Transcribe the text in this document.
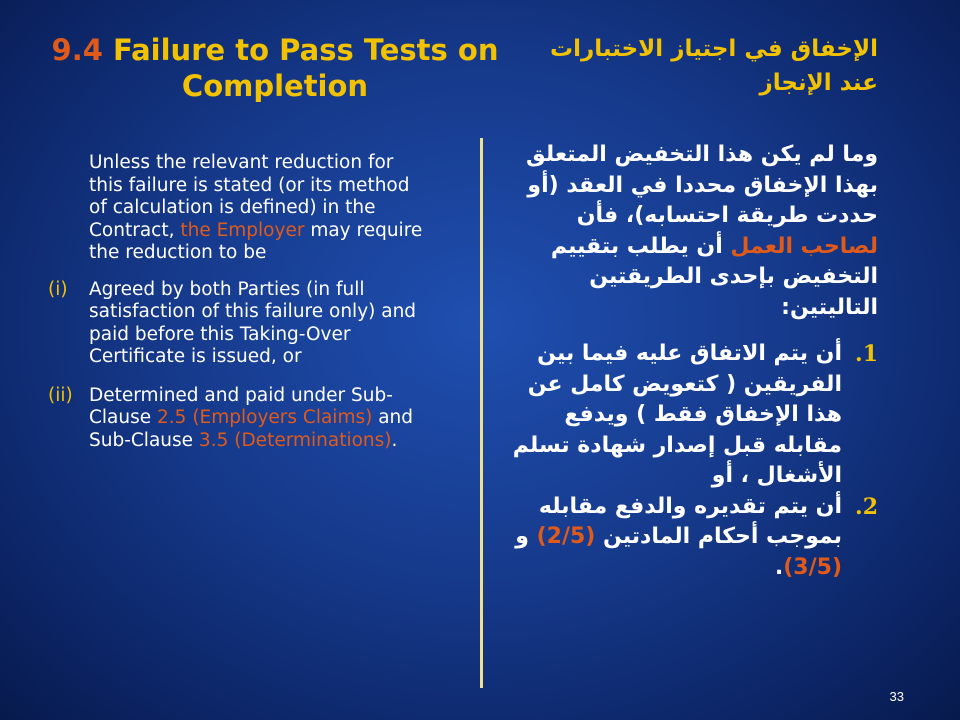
9.4 Failure to Pass Tests on Completion
الإخفاق في اجتياز الاختبارات عند الإنجاز

Unless the relevant reduction for this failure is stated (or its method of calculation is defined) in the Contract, the Employer may require the reduction to be

(i)	Agreed by both Parties (in full satisfaction of this failure only) and paid before this Taking-Over Certificate is issued, or
(ii) Determined and paid under Sub-Clause 2.5 (Employers Claims) and Sub-Clause 3.5 (Determinations).

وما لم يكن هذا التخفيض المتعلق بهذا الإخفاق محددا في العقد (أو حددت طريقة احتسابه)، فأن لصاحب العمل أن يطلب بتقييم التخفيض بإحدى الطريقتين التاليتين:

1.
أن يتم الاتفاق عليه فيما بين الفريقين ( كتعويض كامل عن هذا الإخفاق فقط ) ويدفع مقابله قبل إصدار شهادة تسلم الأشغال ، أو
2.
أن يتم تقديره والدفع مقابله بموجب أحكام المادتين (2/5) و (3/5).
33
